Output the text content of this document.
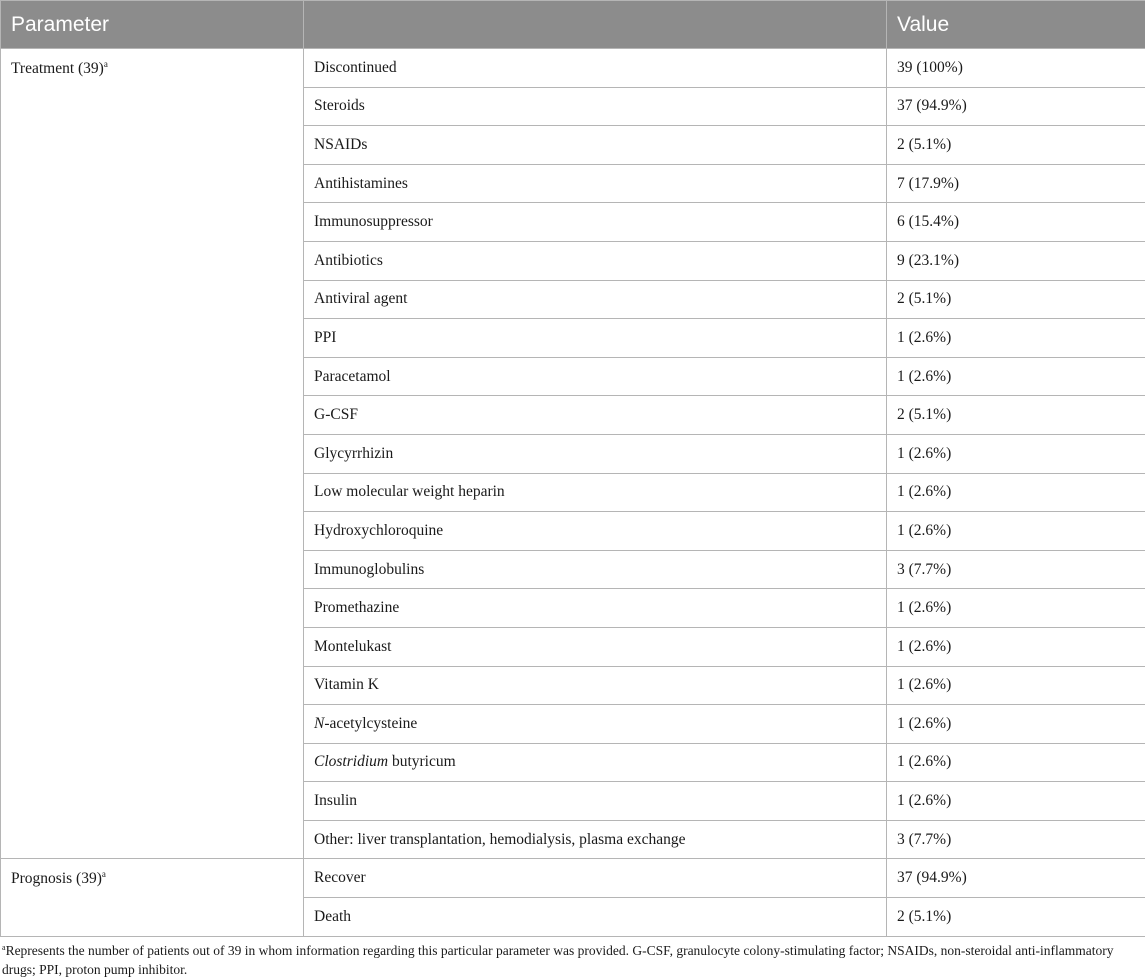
Parameter		Value
Treatment $(39)^a$	Discontinued	39 (100%)
	Steroids	37 (94.9%)
	NSAIDs	2 (5.1%)
	Antihistamines	7 (17.9%)
	Immunosuppressor	6 (15.4%)
	Antibiotics	9 (23.1%)
	Antiviral agent	2 (5.1%)
	PPI	1 (2.6%)
	Paracetamol	1 (2.6%)
	G-CSF	2 (5.1%)
	Glycyrrhizin	1 (2.6%)
	Low molecular weight heparin	1 (2.6%)
	Hydroxychloroquine	1 (2.6%)
	Immunoglobulins	3 (7.7%)
	Promethazine	1 (2.6%)
	Montelukast	1 (2.6%)
	Vitamin K	1 (2.6%)
	N-acetylcysteine	1 (2.6%)
	Clostridium butyricum	1 (2.6%)
	Insulin	1 (2.6%)
	Other: liver transplantation, hemodialysis, plasma exchange	3 (7.7%)
Prognosis $(39)^a$	Recover	37 (94.9%)
	Death	2 (5.1%)
$^a$Represents the number of patients out of 39 in whom information regarding this particular parameter was provided. G-CSF, granulocyte colony-stimulating factor; NSAIDs, non-steroidal anti-inflammatory drugs; PPI, proton pump inhibitor.
